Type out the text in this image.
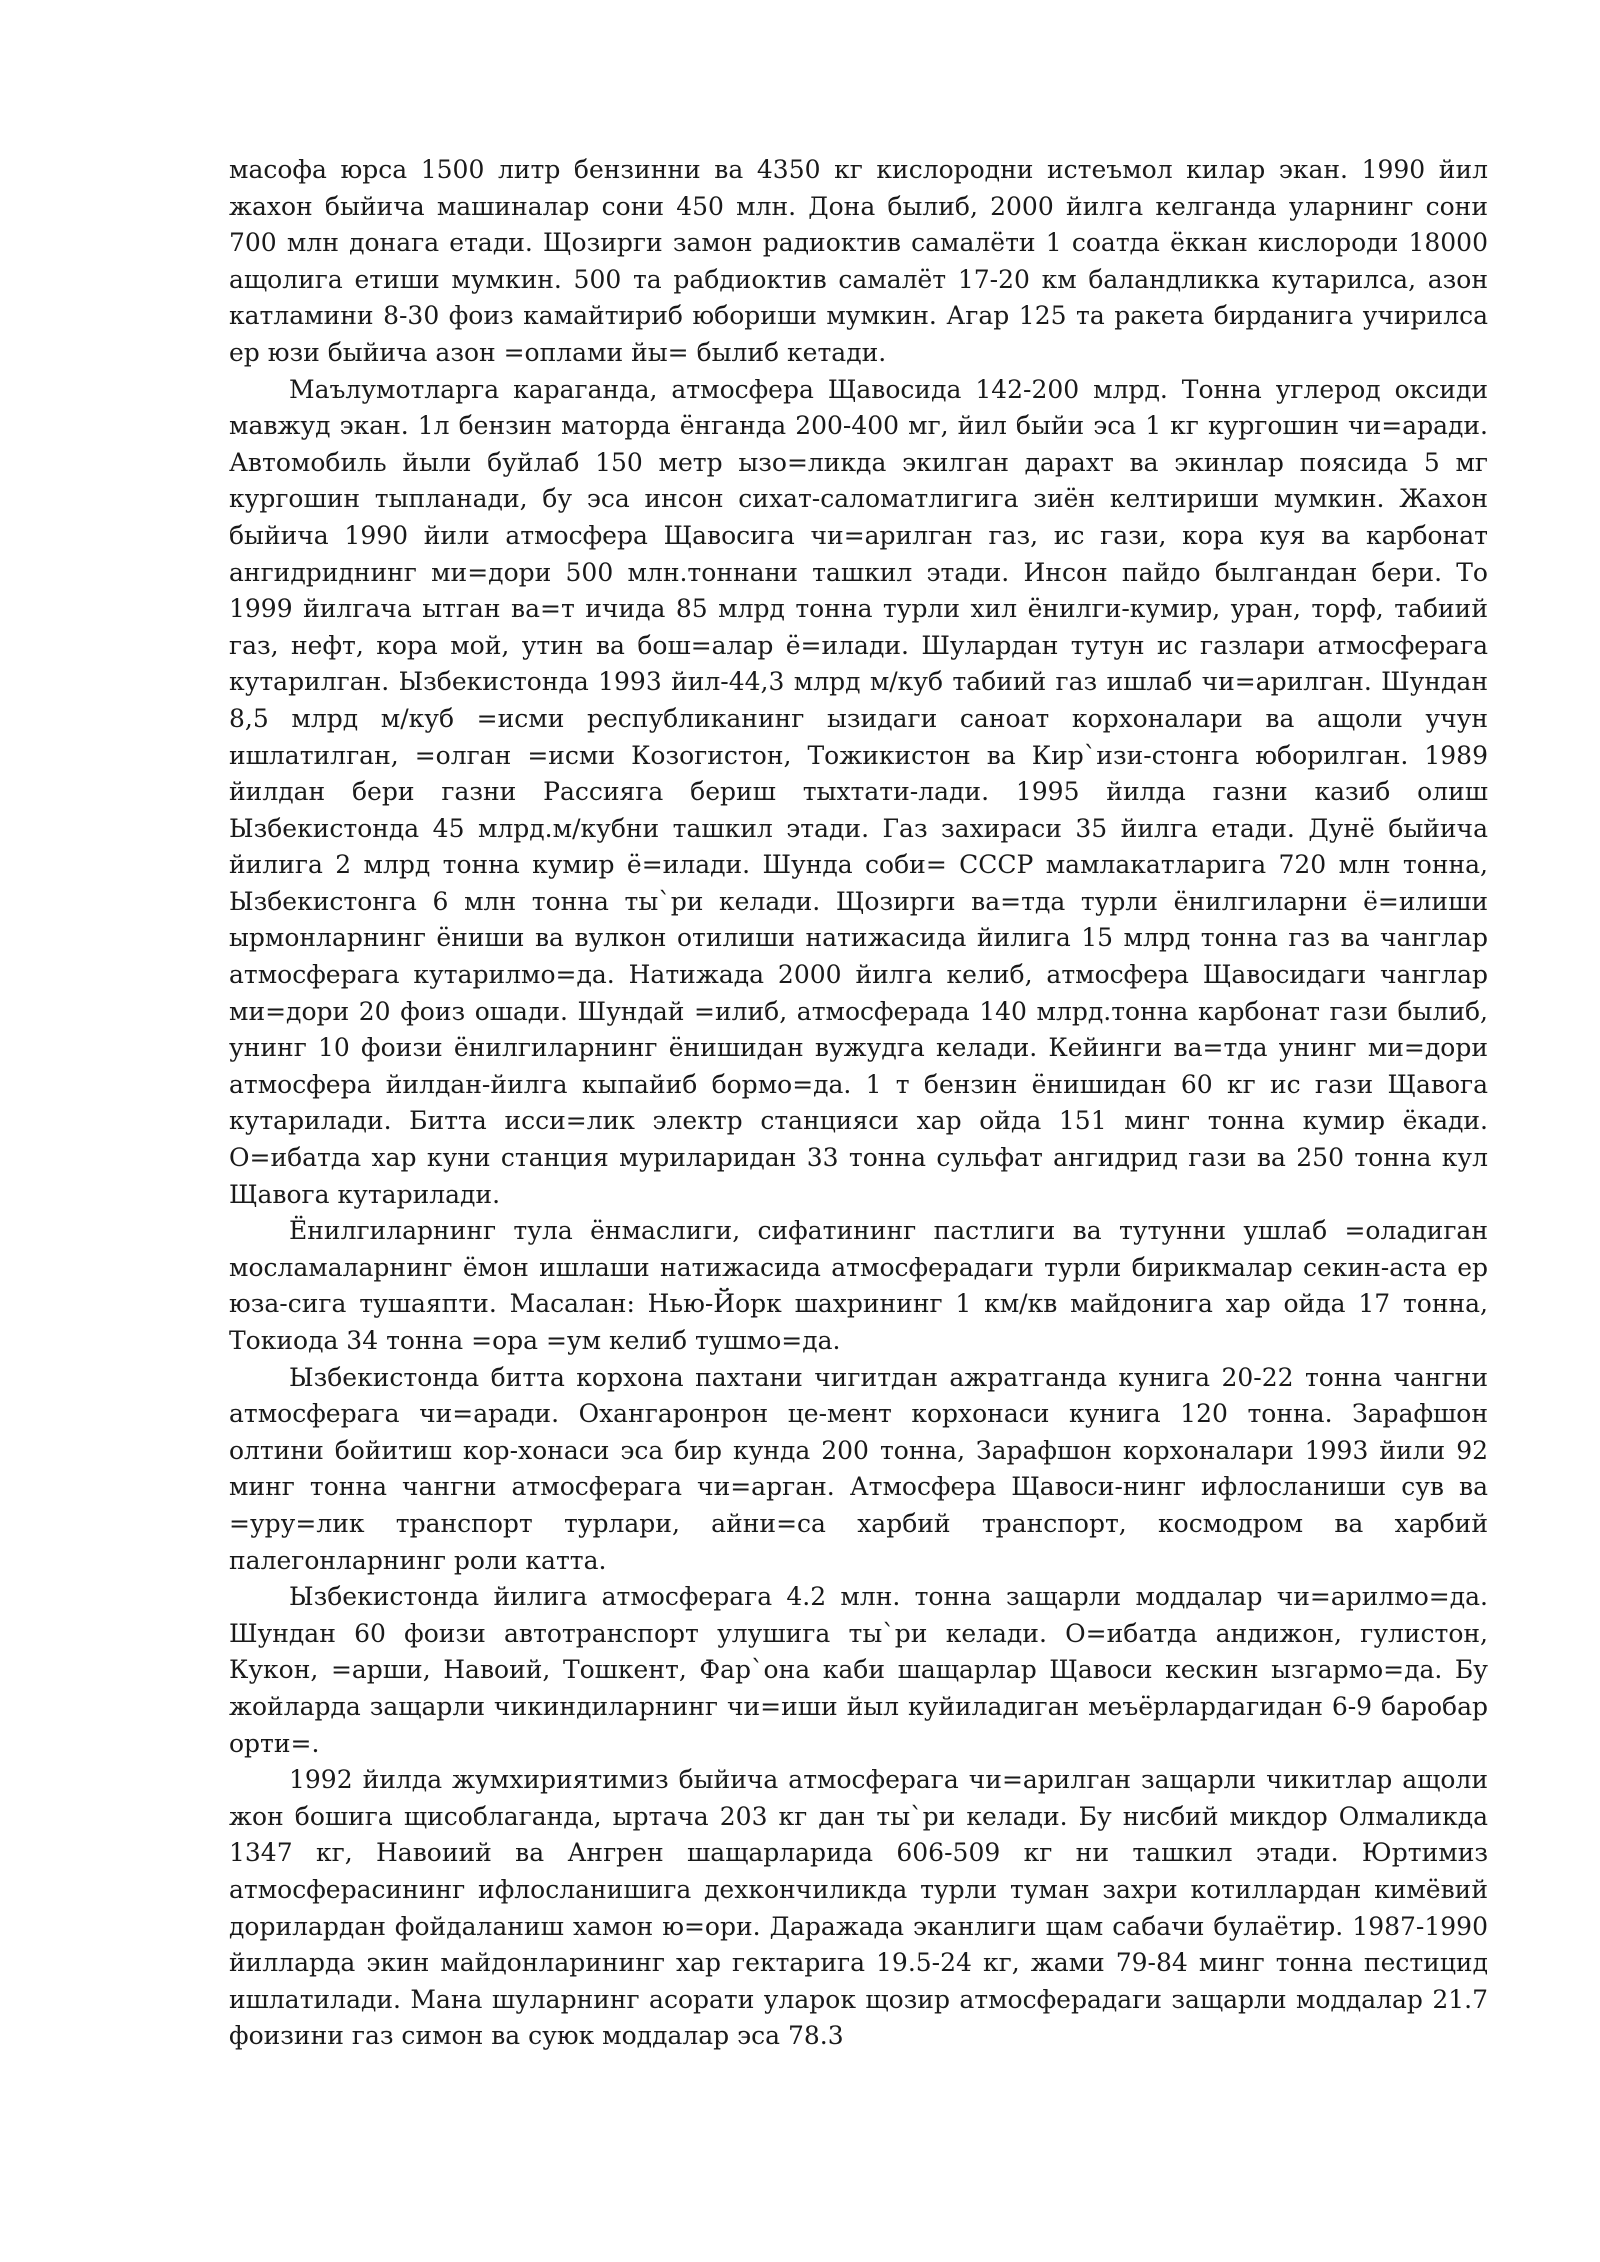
масофа юрса 1500 литр бензинни ва 4350 кг кислородни истеъмол килар экан. 1990 йил жахон быйича машиналар сони 450 млн. Дона былиб, 2000 йилга келганда уларнинг сони 700 млн донага етади. Щозирги замон радиоктив самалёти 1 соатда ёккан кислороди 18000 ащолига етиши мумкин. 500 та рабдиоктив самалёт 17-20 км баландликка кутарилса, азон катламини 8-30 фоиз камайтириб юбориши мумкин. Агар 125 та ракета бирданига учирилса ер юзи быйича азон =оплами йы= былиб кетади.

Маълумотларга караганда, атмосфера Щавосида 142-200 млрд. Тонна углерод оксиди мавжуд экан. 1л бензин маторда ёнганда 200-400 мг, йил быйи эса 1 кг кургошин чи=аради. Автомобиль йыли буйлаб 150 метр ызо=ликда экилган дарахт ва экинлар поясида 5 мг кургошин тыпланади, бу эса инсон сихат-саломатлигига зиён келтириши мумкин. Жахон быйича 1990 йили атмосфера Щавосига чи=арилган газ, ис гази, кора куя ва карбонат ангидриднинг ми=дори 500 млн.тоннани ташкил этади. Инсон пайдо былгандан бери. То 1999 йилгача ытган ва=т ичида 85 млрд тонна турли хил ёнилги-кумир, уран, торф, табиий газ, нефт, кора мой, утин ва бош=алар ё=илади. Шулардан тутун ис газлари атмосферага кутарилган. Ызбекистонда 1993 йил-44,3 млрд м/куб табиий газ ишлаб чи=арилган. Шундан 8,5 млрд м/куб =исми республиканинг ызидаги саноат корхоналари ва ащоли учун ишлатилган, =олган =исми Козогистон, Тожикистон ва Кир`изи-стонга юборилган. 1989 йилдан бери газни Рассияга бериш тыхтати-лади. 1995 йилда газни казиб олиш Ызбекистонда 45 млрд.м/кубни ташкил этади. Газ захираси 35 йилга етади. Дунё быйича йилига 2 млрд тонна кумир ё=илади. Шунда соби= СССР мамлакатларига 720 млн тонна, Ызбекистонга 6 млн тонна ты`ри келади. Щозирги ва=тда турли ёнилгиларни ё=илиши ырмонларнинг ёниши ва вулкон отилиши натижасида йилига 15 млрд тонна газ ва чанглар атмосферага кутарилмо=да. Натижада 2000 йилга келиб, атмосфера Щавосидаги чанглар ми=дори 20 фоиз ошади. Шундай =илиб, атмосферада 140 млрд.тонна карбонат гази былиб, унинг 10 фоизи ёнилгиларнинг ёнишидан вужудга келади. Кейинги ва=тда унинг ми=дори атмосфера йилдан-йилга кыпайиб бормо=да. 1 т бензин ёнишидан 60 кг ис гази Щавога кутарилади. Битта исси=лик электр станцияси хар ойда 151 минг тонна кумир ёкади. О=ибатда хар куни станция муриларидан 33 тонна сульфат ангидрид гази ва 250 тонна кул Щавога кутарилади.

Ёнилгиларнинг тула ёнмаслиги, сифатининг пастлиги ва тутунни ушлаб =оладиган мосламаларнинг ёмон ишлаши натижасида атмосферадаги турли бирикмалар секин-аста ер юза-сига тушаяпти. Масалан: Нью-Йорк шахрининг 1 км/кв майдонига хар ойда 17 тонна, Токиода 34 тонна =ора =ум келиб тушмо=да.

Ызбекистонда битта корхона пахтани чигитдан ажратганда кунига 20-22 тонна чангни атмосферага чи=аради. Охангаронрон це-мент корхонаси кунига 120 тонна. Зарафшон олтини бойитиш кор-хонаси эса бир кунда 200 тонна, Зарафшон корхоналари 1993 йили 92 минг тонна чангни атмосферага чи=арган. Атмосфера Щавоси-нинг ифлосланиши сув ва =уру=лик транспорт турлари, айни=са харбий транспорт, космодром ва харбий палегонларнинг роли катта.

Ызбекистонда йилига атмосферага 4.2 млн. тонна защарли моддалар чи=арилмо=да. Шундан 60 фоизи автотранспорт улушига ты`ри келади. О=ибатда андижон, гулистон, Кукон, =арши, Навоий, Тошкент, Фар`она каби шащарлар Щавоси кескин ызгармо=да. Бу жойларда защарли чикиндиларнинг чи=иши йыл куйиладиган меъёрлардагидан 6-9 баробар орти=.

1992 йилда жумхириятимиз быйича атмосферага чи=арилган защарли чикитлар ащоли жон бошига щисоблаганда, ыртача 203 кг дан ты`ри келади. Бу нисбий микдор Олмаликда 1347 кг, Навоиий ва Ангрен шащарларида 606-509 кг ни ташкил этади. Юртимиз атмосферасининг ифлосланишига дехкончиликда турли туман захри котиллардан кимёвий дорилардан фойдаланиш хамон ю=ори. Даражада эканлиги щам сабачи булаётир. 1987-1990 йилларда экин майдонларининг хар гектарига 19.5-24 кг, жами 79-84 минг тонна пестицид ишлатилади. Мана шуларнинг асорати уларок щозир атмосферадаги защарли моддалар 21.7 фоизини газ симон ва суюк моддалар эса 78.3
